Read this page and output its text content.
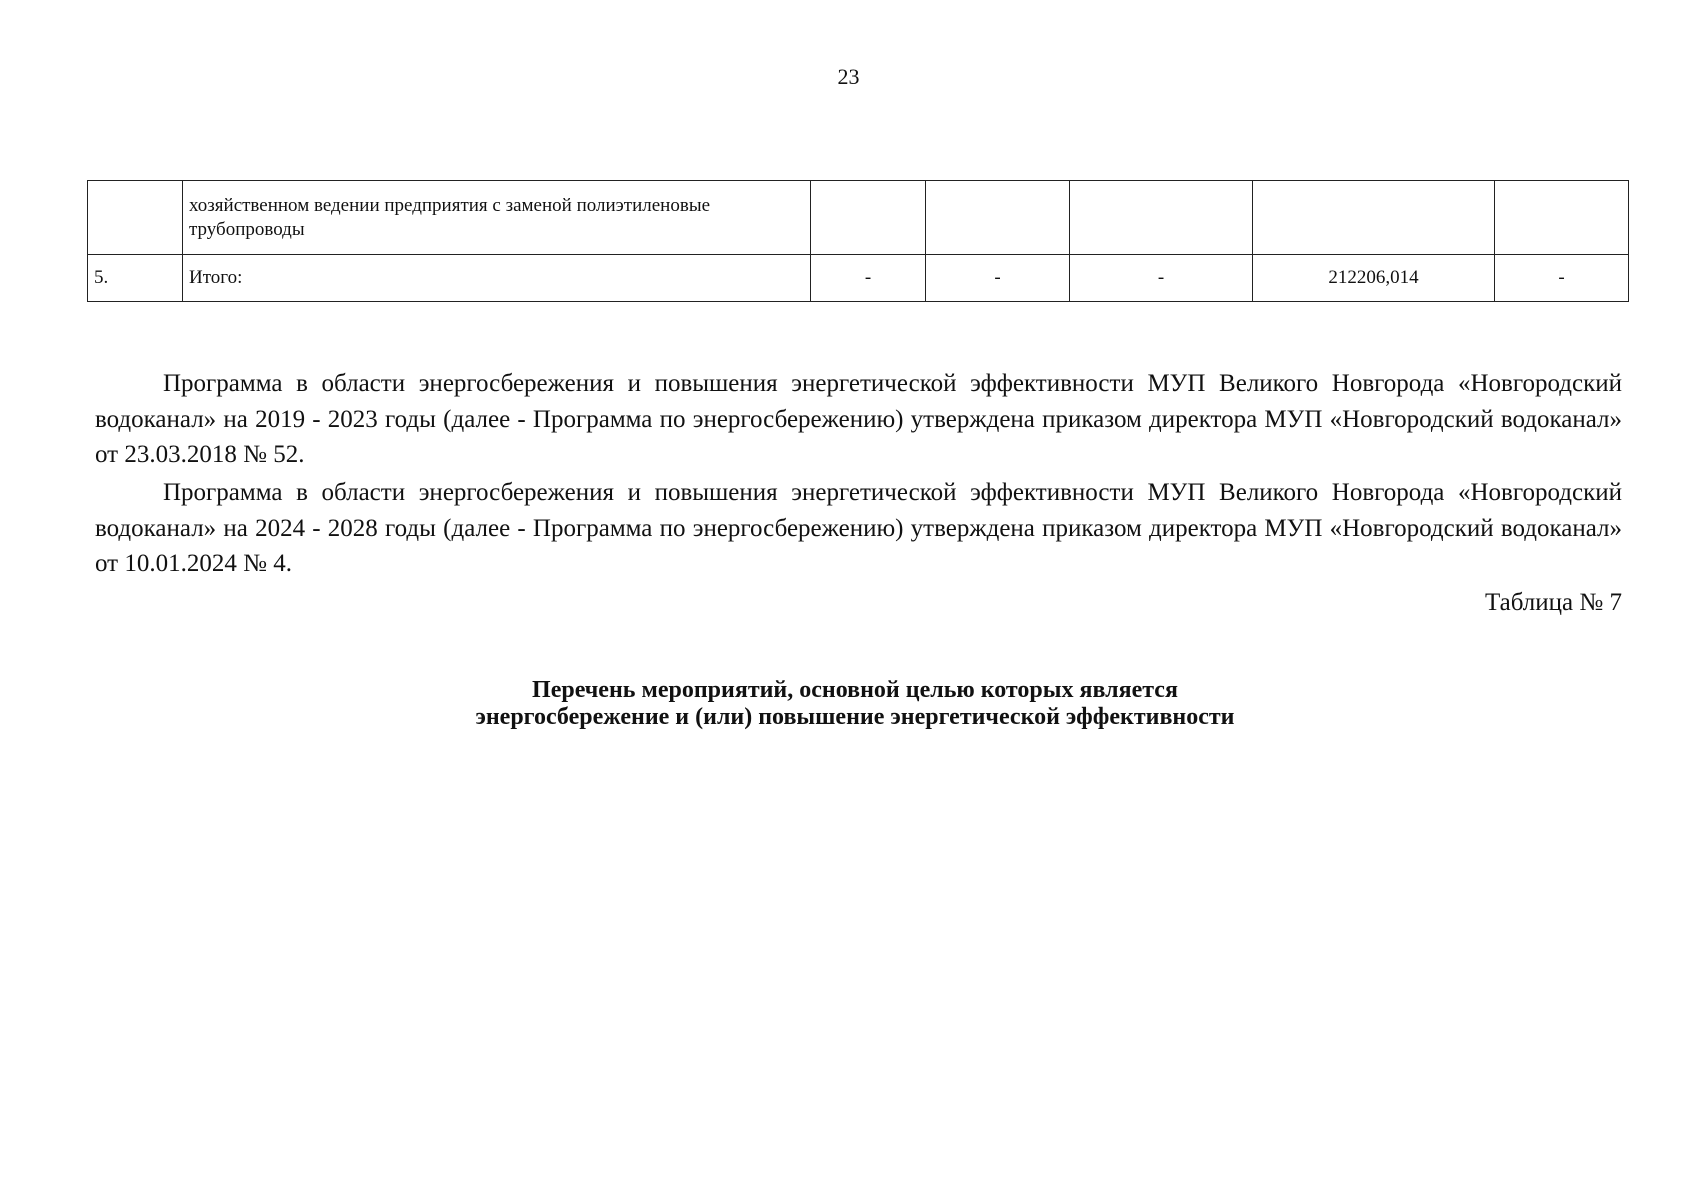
23
	хозяйственном ведении предприятия с заменой полиэтиленовые трубопроводы					
5.	Итого:	-	-	-	212206,014	-

Программа в области энергосбережения и повышения энергетической эффективности МУП Великого Новгорода «Новгородский водоканал» на 2019 - 2023 годы (далее - Программа по энергосбережению) утверждена приказом директора МУП «Новгородский водоканал» от 23.03.2018 № 52.

Программа в области энергосбережения и повышения энергетической эффективности МУП Великого Новгорода «Новгородский водоканал» на 2024 - 2028 годы (далее - Программа по энергосбережению) утверждена приказом директора МУП «Новгородский водоканал» от 10.01.2024 № 4.

Таблица № 7
Перечень мероприятий, основной целью которых является
энергосбережение и (или) повышение энергетической эффективности
